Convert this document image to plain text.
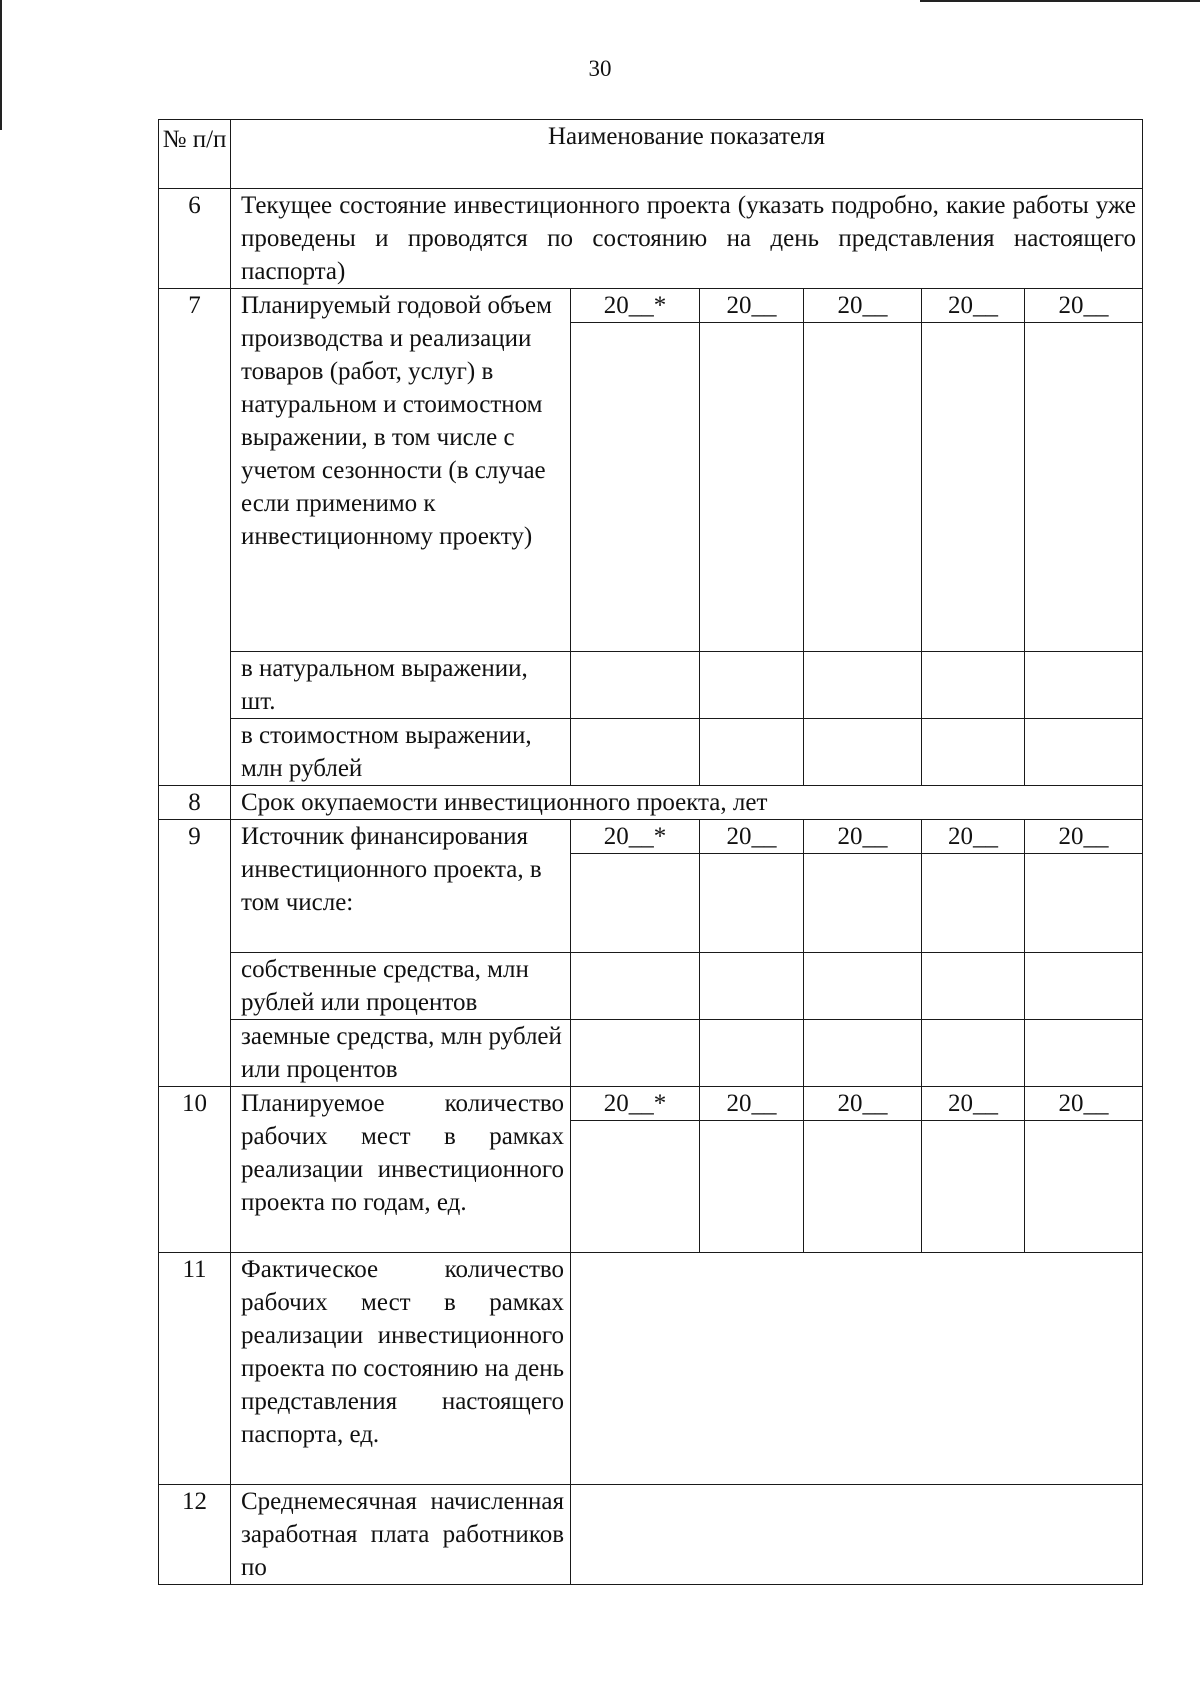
30
№ п/п	Наименование показателя					
6	Текущее состояние инвестиционного проекта (указать подробно, какие работы уже проведены и проводятся по состоянию на день представления настоящего паспорта)					
7	Планируемый годовой объем производства и реализации товаров (работ, услуг) в натуральном и стоимостном выражении, в том числе с учетом сезонности (в случае если применимо к инвестиционному проекту)	20__*	20__	20__	20__	20__

	в натуральном выражении, шт.					
	в стоимостном выражении, млн рублей					
8	Срок окупаемости инвестиционного проекта, лет					
9	Источник финансирования инвестиционного проекта, в том числе:	20__*	20__	20__	20__	20__

	собственные средства, млн рублей или процентов					
	заемные средства, млн рублей или процентов					
10	Планируемое количество рабочих мест в рамках реализации инвестиционного проекта по годам, ед.	20__*	20__	20__	20__	20__

11	Фактическое количество рабочих мест в рамках реализации инвестиционного проекта по состоянию на день представления настоящего паспорта, ед.					
12	Среднемесячная начисленная заработная плата работников по					
